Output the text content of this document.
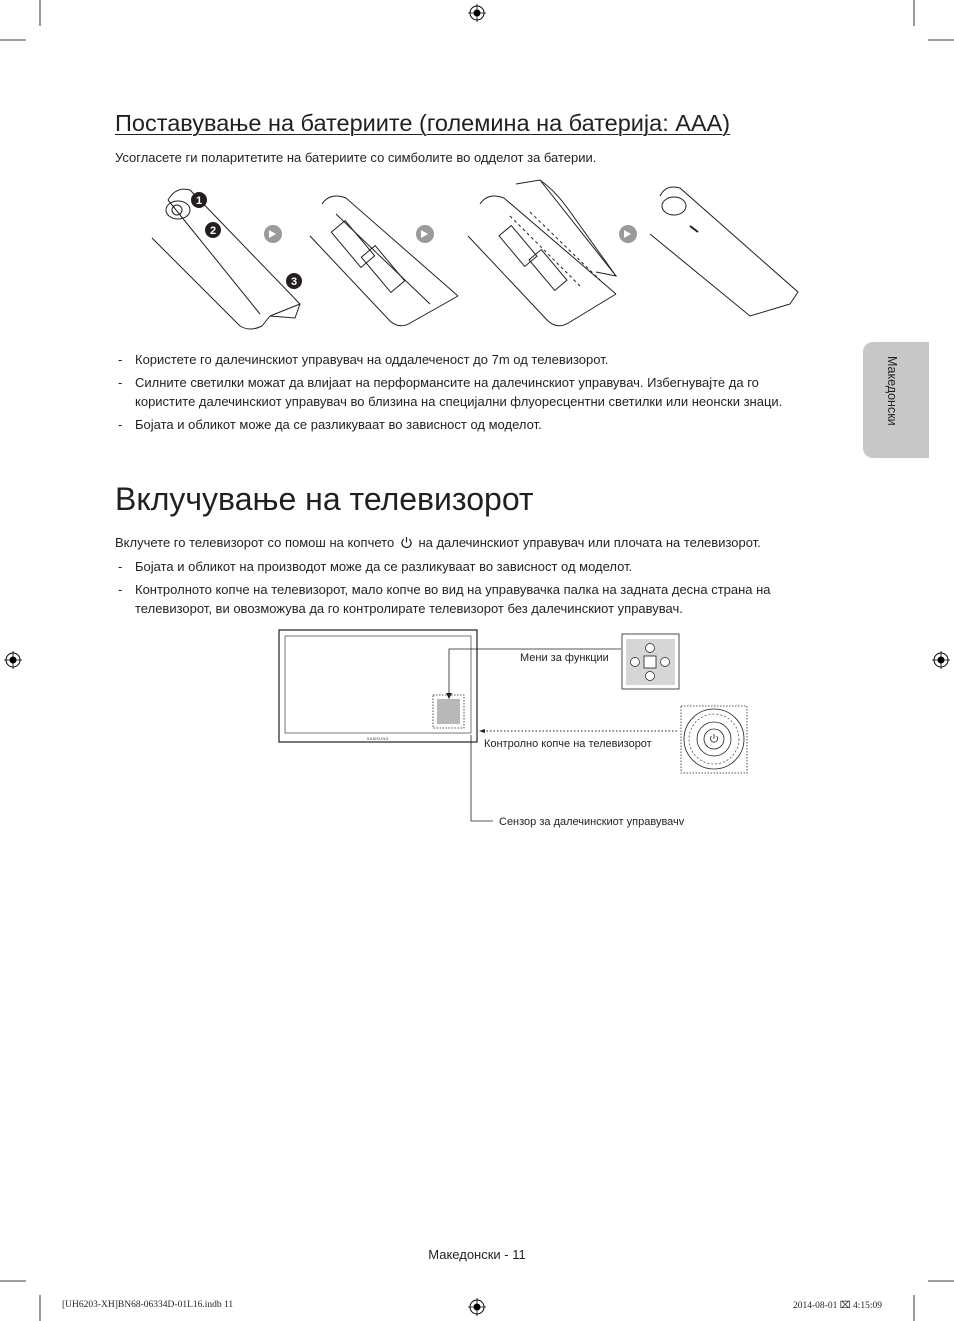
Македонски
Поставување на батериите (големина на батерија: AAA)
Усогласете ги поларитетите на батериите со симболите во одделот за батерии.
1
2
3
- Користете го далечинскиот управувач на оддалеченост до 7m од телевизорот.
- Силните светилки можат да влијаат на перформансите на далечинскиот управувач. Избегнувајте да го користите далечинскиот управувач во близина на специјални флуоресцентни светилки или неонски знаци.
- Бојата и обликот може да се разликуваат во зависност од моделот.
Вклучување на телевизорот
Вклучете го телевизорот со помош на копчето на далечинскиот управувач или плочата на телевизорот.
- Бојата и обликот на производот може да се разликуваат во зависност од моделот.
- Контролното копче на телевизорот, мало копче во вид на управувачка палка на задната десна страна на телевизорот, ви овозможува да го контролирате телевизорот без далечинскиот управувач.
SAMSUNG
Мени за функции
Контролно копче на телевизорот
Сензор за далечинскиот управувачv
Македонски - 11
[UH6203-XH]BN68-06334D-01L16.indb 11	2014-08-01 ⌧ 4:15:09
